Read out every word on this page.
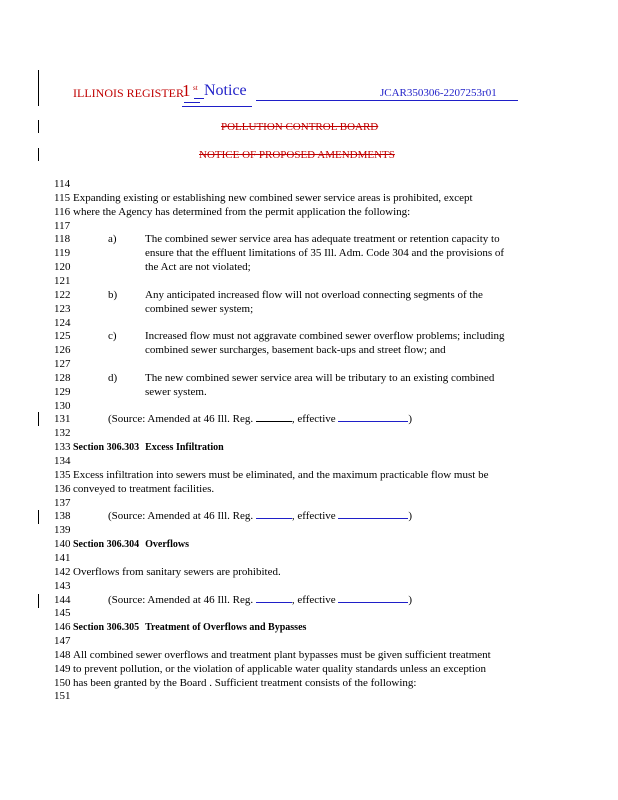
ILLINOIS REGISTER
1 st Notice	JCAR350306-2207253r01
POLLUTION CONTROL BOARD
NOTICE OF PROPOSED AMENDMENTS
114
115 Expanding existing or establishing new combined sewer service areas is prohibited, except
116 where the Agency has determined from the permit application the following:
117
118	a)	The combined sewer service area has adequate treatment or retention capacity to
119	ensure that the effluent limitations of 35 Ill. Adm. Code 304 and the provisions of
120	the Act are not violated;
121
122	b)	Any anticipated increased flow will not overload connecting segments of the
123	combined sewer system;
124
125	c)	Increased flow must not aggravate combined sewer overflow problems; including
126	combined sewer surcharges, basement back-ups and street flow; and
127
128	d)	The new combined sewer service area will be tributary to an existing combined
129	sewer system.
130
131	(Source: Amended at 46 Ill. Reg.	, effective	)
132
133 Section 306.303 Excess Infiltration
134
135 Excess infiltration into sewers must be eliminated, and the maximum practicable flow must be
136 conveyed to treatment facilities.
137
138	(Source: Amended at 46 Ill. Reg.	, effective	)
139
140 Section 306.304 Overflows
141
142 Overflows from sanitary sewers are prohibited.
143
144	(Source: Amended at 46 Ill. Reg.	, effective	)
145
146 Section 306.305 Treatment of Overflows and Bypasses
147
148 All combined sewer overflows and treatment plant bypasses must be given sufficient treatment
149 to prevent pollution, or the violation of applicable water quality standards unless an exception
150 has been granted by the Board . Sufficient treatment consists of the following:
151
